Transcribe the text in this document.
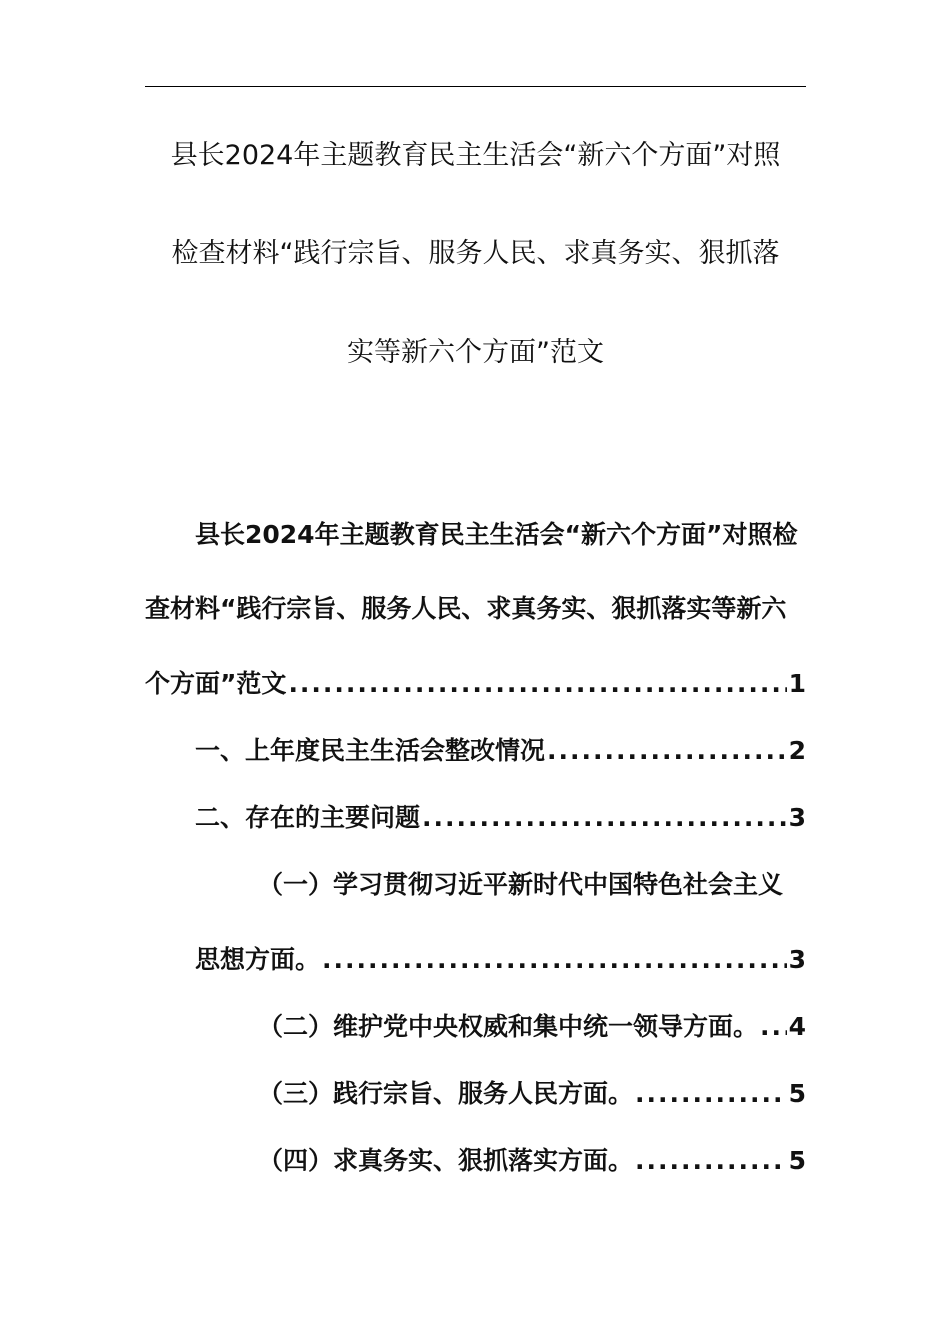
县长2024年主题教育民主生活会“新六个方面”对照
检查材料“践行宗旨、服务人民、求真务实、狠抓落
实等新六个方面”范文
县长2024年主题教育民主生活会“新六个方面”对照检
查材料“践行宗旨、服务人民、求真务实、狠抓落实等新六
个方面”范文 .....	1
一、上年度民主生活会整改情况 .....	2
二、存在的主要问题 .....	3
（一）学习贯彻习近平新时代中国特色社会主义
思想方面。 .....	3
（二）维护党中央权威和集中统一领导方面。 ..... 4
（三）践行宗旨、服务人民方面。 .....	5
（四）求真务实、狠抓落实方面。 .....	5
